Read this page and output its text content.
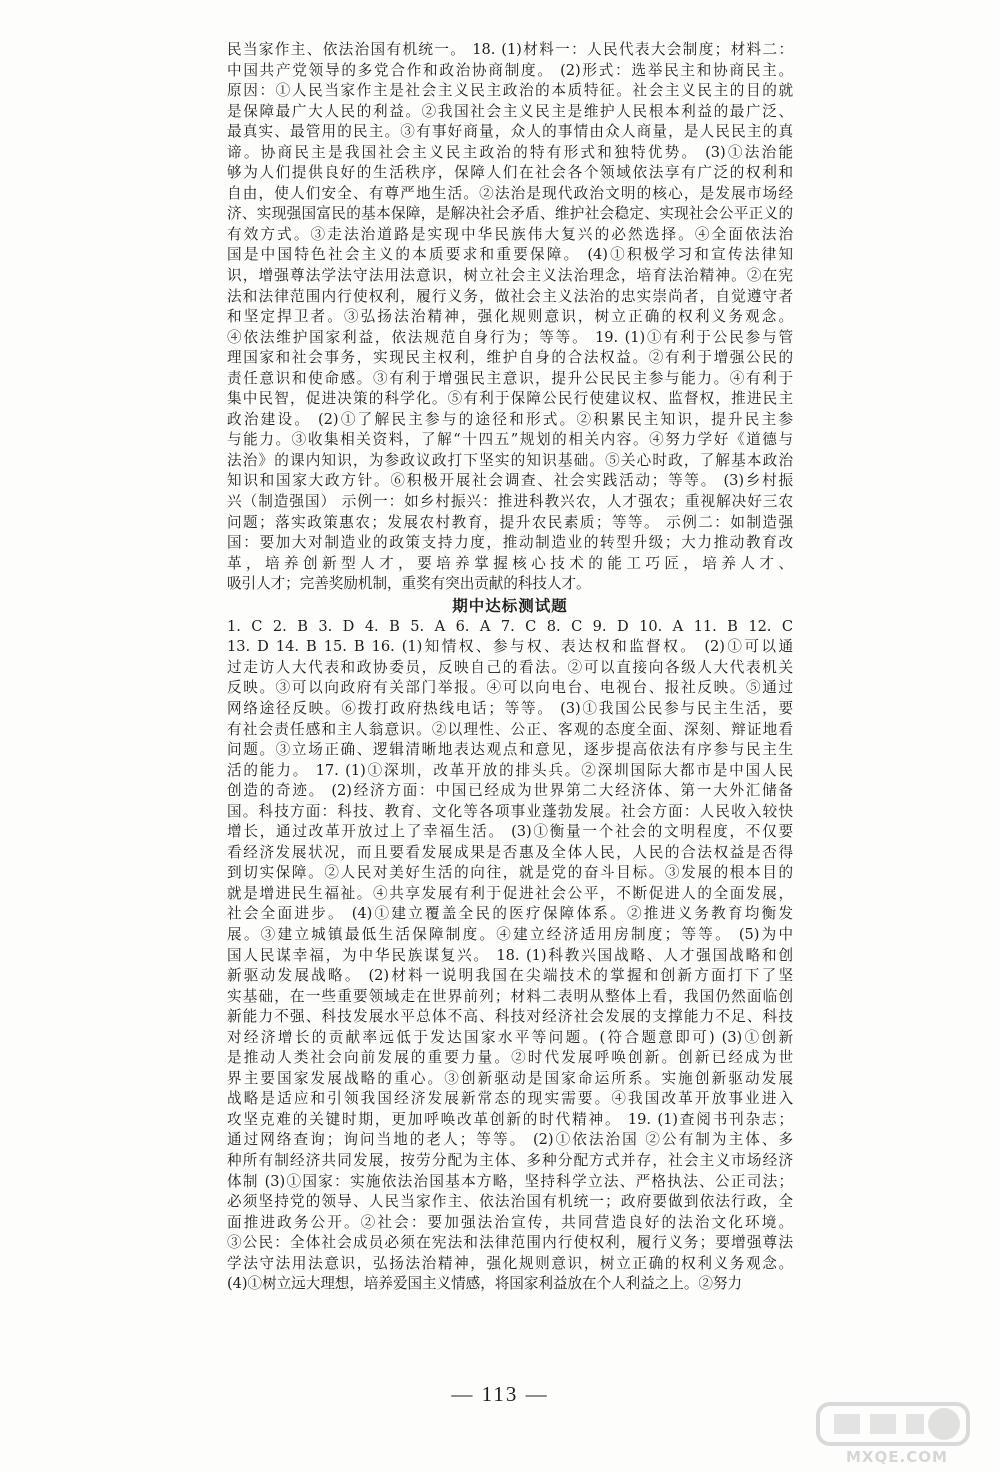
民当家作主、依法治国有机统一。 18. (1)材料一：人民代表大会制度；材料二：
中国共产党领导的多党合作和政治协商制度。 (2)形式：选举民主和协商民主。
原因：①人民当家作主是社会主义民主政治的本质特征。社会主义民主的目的就
是保障最广大人民的利益。②我国社会主义民主是维护人民根本利益的最广泛、
最真实、最管用的民主。③有事好商量，众人的事情由众人商量，是人民民主的真
谛。协商民主是我国社会主义民主政治的特有形式和独特优势。 (3)①法治能
够为人们提供良好的生活秩序，保障人们在社会各个领域依法享有广泛的权利和
自由，使人们安全、有尊严地生活。②法治是现代政治文明的核心，是发展市场经
济、实现强国富民的基本保障，是解决社会矛盾、维护社会稳定、实现社会公平正义的
有效方式。③走法治道路是实现中华民族伟大复兴的必然选择。④全面依法治
国是中国特色社会主义的本质要求和重要保障。 (4)①积极学习和宣传法律知
识，增强尊法学法守法用法意识，树立社会主义法治理念，培育法治精神。②在宪
法和法律范围内行使权利，履行义务，做社会主义法治的忠实崇尚者，自觉遵守者
和坚定捍卫者。③弘扬法治精神，强化规则意识，树立正确的权利义务观念。
④依法维护国家利益，依法规范自身行为；等等。 19. (1)①有利于公民参与管
理国家和社会事务，实现民主权利，维护自身的合法权益。②有利于增强公民的
责任意识和使命感。③有利于增强民主意识，提升公民民主参与能力。④有利于
集中民智，促进决策的科学化。⑤有利于保障公民行使建议权、监督权，推进民主
政治建设。 (2)①了解民主参与的途径和形式。②积累民主知识，提升民主参
与能力。③收集相关资料，了解“十四五”规划的相关内容。④努力学好《道德与
法治》的课内知识，为参政议政打下坚实的知识基础。⑤关心时政，了解基本政治
知识和国家大政方针。⑥积极开展社会调查、社会实践活动；等等。 (3)乡村振
兴（制造强国） 示例一：如乡村振兴：推进科教兴农，人才强农；重视解决好三农
问题；落实政策惠农；发展农村教育，提升农民素质；等等。 示例二：如制造强
国：要加大对制造业的政策支持力度，推动制造业的转型升级；大力推动教育改
革，培养创新型人才，要培养掌握核心技术的能工巧匠，培养人才、
吸引人才；完善奖励机制，重奖有突出贡献的科技人才。
期中达标测试题
1. C 2. B 3. D 4. B 5. A 6. A 7. C 8. C 9. D 10. A 11. B 12. C
13. D 14. B 15. B 16. (1)知情权、参与权、表达权和监督权。 (2)①可以通
过走访人大代表和政协委员，反映自己的看法。②可以直接向各级人大代表机关
反映。③可以向政府有关部门举报。④可以向电台、电视台、报社反映。⑤通过
网络途径反映。⑥拨打政府热线电话；等等。 (3)①我国公民参与民主生活，要
有社会责任感和主人翁意识。②以理性、公正、客观的态度全面、深刻、辩证地看
问题。③立场正确、逻辑清晰地表达观点和意见，逐步提高依法有序参与民主生
活的能力。 17. (1)①深圳，改革开放的排头兵。②深圳国际大都市是中国人民
创造的奇迹。 (2)经济方面：中国已经成为世界第二大经济体、第一大外汇储备
国。科技方面：科技、教育、文化等各项事业蓬勃发展。社会方面：人民收入较快
增长，通过改革开放过上了幸福生活。 (3)①衡量一个社会的文明程度，不仅要
看经济发展状况，而且要看发展成果是否惠及全体人民，人民的合法权益是否得
到切实保障。②人民对美好生活的向往，就是党的奋斗目标。③发展的根本目的
就是增进民生福祉。④共享发展有利于促进社会公平，不断促进人的全面发展，
社会全面进步。 (4)①建立覆盖全民的医疗保障体系。②推进义务教育均衡发
展。③建立城镇最低生活保障制度。④建立经济适用房制度；等等。 (5)为中
国人民谋幸福，为中华民族谋复兴。 18. (1)科教兴国战略、人才强国战略和创
新驱动发展战略。 (2)材料一说明我国在尖端技术的掌握和创新方面打下了坚
实基础，在一些重要领域走在世界前列；材料二表明从整体上看，我国仍然面临创
新能力不强、科技发展水平总体不高、科技对经济社会发展的支撑能力不足、科技
对经济增长的贡献率远低于发达国家水平等问题。(符合题意即可) (3)①创新
是推动人类社会向前发展的重要力量。②时代发展呼唤创新。创新已经成为世
界主要国家发展战略的重心。③创新驱动是国家命运所系。实施创新驱动发展
战略是适应和引领我国经济发展新常态的现实需要。④我国改革开放事业进入
攻坚克难的关键时期，更加呼唤改革创新的时代精神。 19. (1)查阅书刊杂志；
通过网络查询；询问当地的老人；等等。 (2)①依法治国 ②公有制为主体、多
种所有制经济共同发展，按劳分配为主体、多种分配方式并存，社会主义市场经济
体制 (3)①国家：实施依法治国基本方略，坚持科学立法、严格执法、公正司法；
必须坚持党的领导、人民当家作主、依法治国有机统一；政府要做到依法行政，全
面推进政务公开。②社会：要加强法治宣传，共同营造良好的法治文化环境。
③公民：全体社会成员必须在宪法和法律范围内行使权利，履行义务；要增强尊法
学法守法用法意识，弘扬法治精神，强化规则意识，树立正确的权利义务观念。
(4)①树立远大理想，培养爱国主义情感，将国家利益放在个人利益之上。②努力
— 113 —
MXQE.COM
